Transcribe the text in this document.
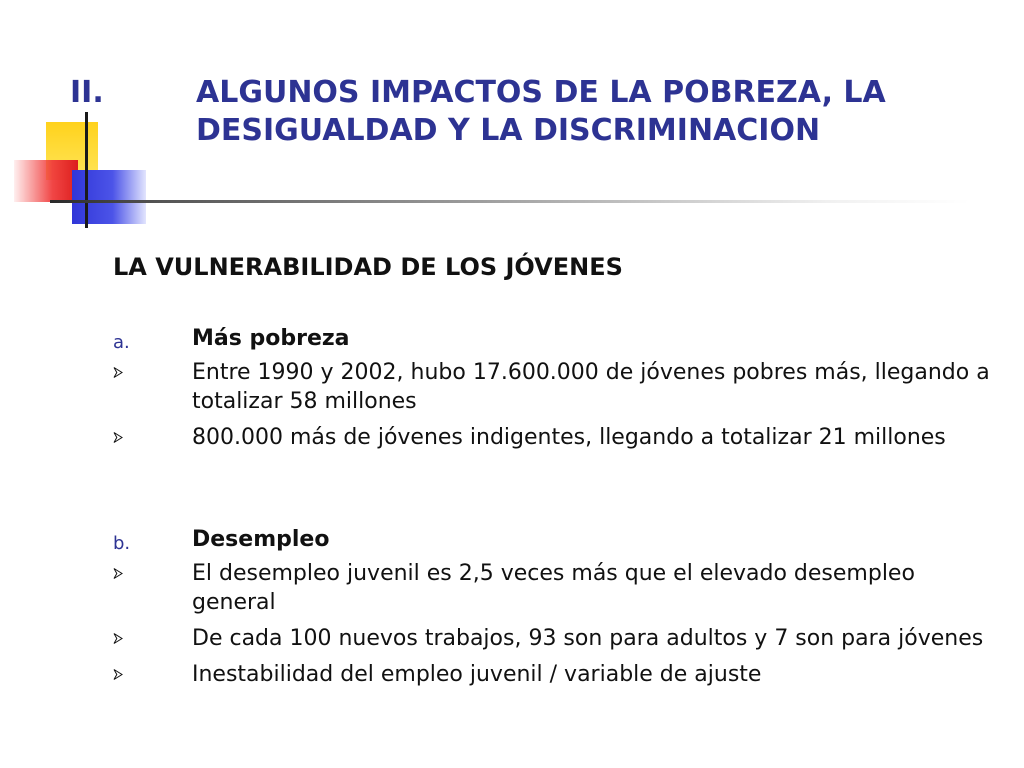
II.	ALGUNOS IMPACTOS DE LA POBREZA, LA DESIGUALDAD Y LA DISCRIMINACION
LA VULNERABILIDAD DE LOS JÓVENES
a.	Más pobreza
Entre 1990 y 2002, hubo 17.600.000 de jóvenes pobres más, llegando a totalizar 58 millones
800.000 más de jóvenes indigentes, llegando a totalizar 21 millones
b.	Desempleo
El desempleo juvenil es 2,5 veces más que el elevado desempleo general
De cada 100 nuevos trabajos, 93 son para adultos y 7 son para jóvenes
Inestabilidad del empleo juvenil / variable de ajuste
